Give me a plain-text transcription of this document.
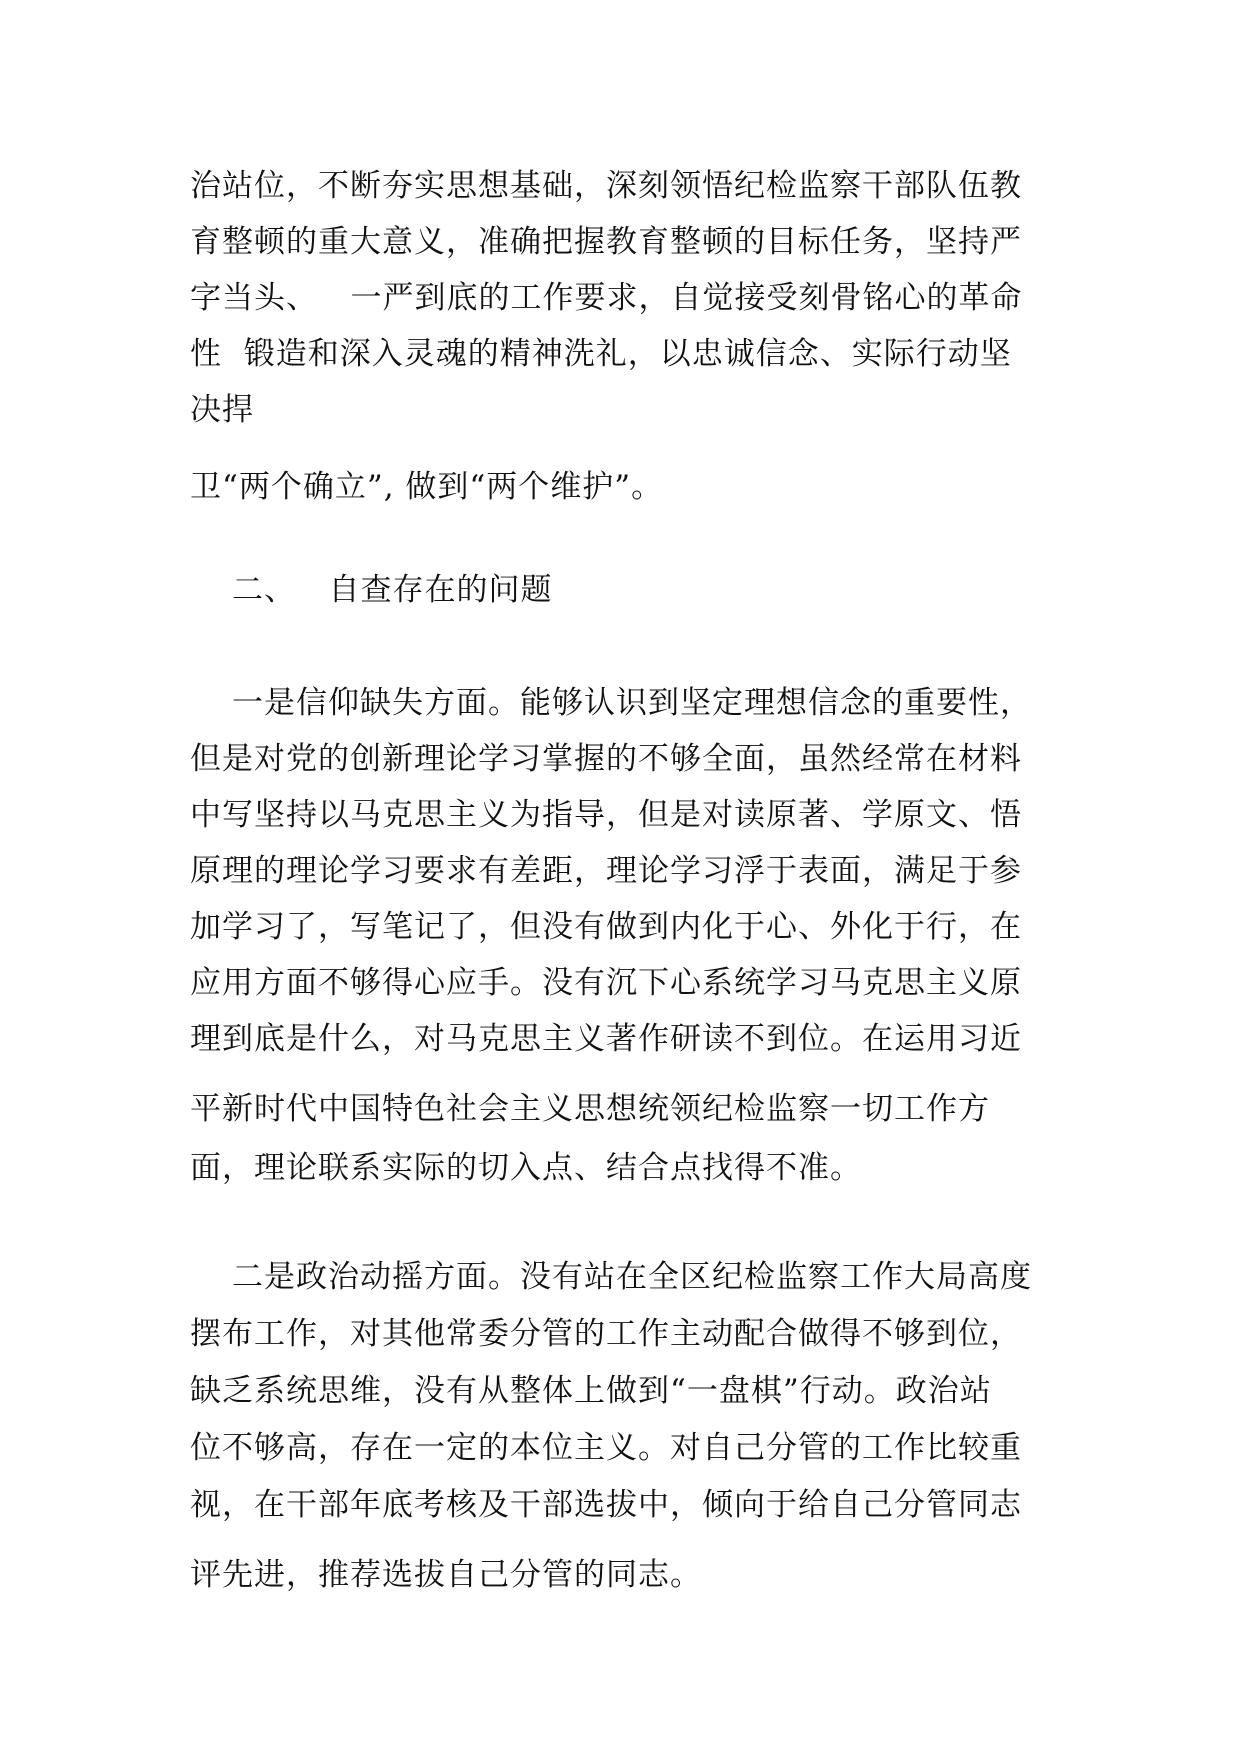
治站位，不断夯实思想基础，深刻领悟纪检监察干部队伍教
育整顿的重大意义，准确把握教育整顿的目标任务，坚持严
字当头、   一严到底的工作要求，自觉接受刻骨铭心的革命
性  锻造和深入灵魂的精神洗礼，以忠诚信念、实际行动坚
决捍
卫“两个确立”, 做到“两个维护”。
二、   自查存在的问题
一是信仰缺失方面。能够认识到坚定理想信念的重要性，
但是对党的创新理论学习掌握的不够全面，虽然经常在材料
中写坚持以马克思主义为指导，但是对读原著、学原文、悟
原理的理论学习要求有差距，理论学习浮于表面，满足于参
加学习了，写笔记了，但没有做到内化于心、外化于行，在
应用方面不够得心应手。没有沉下心系统学习马克思主义原
理到底是什么，对马克思主义著作研读不到位。在运用习近
平新时代中国特色社会主义思想统领纪检监察一切工作方
面，理论联系实际的切入点、结合点找得不准。
二是政治动摇方面。没有站在全区纪检监察工作大局高度
摆布工作，对其他常委分管的工作主动配合做得不够到位，
缺乏系统思维，没有从整体上做到“一盘棋”行动。政治站
位不够高，存在一定的本位主义。对自己分管的工作比较重
视，在干部年底考核及干部选拔中，倾向于给自己分管同志
评先进，推荐选拔自己分管的同志。
